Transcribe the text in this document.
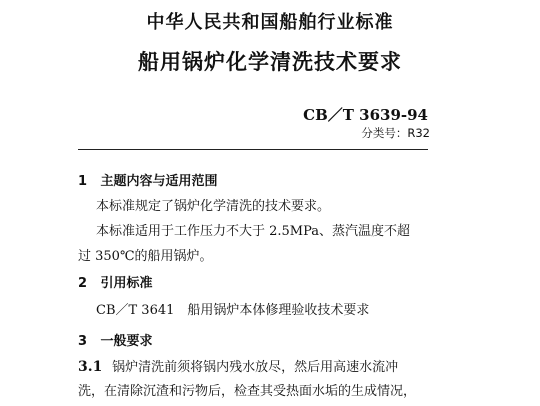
中华人民共和国船舶行业标准
船用锅炉化学清洗技术要求
CB／T 3639-94
分类号：R32
1 主题内容与适用范围
本标准规定了锅炉化学清洗的技术要求。
本标准适用于工作压力不大于 2.5MPa、蒸汽温度不超
过 350℃的船用锅炉。
2 引用标准
CB／T 3641　船用锅炉本体修理验收技术要求
3 一般要求
3.1 锅炉清洗前须将锅内残水放尽，然后用高速水流冲
洗，在清除沉渣和污物后，检查其受热面水垢的生成情况，
